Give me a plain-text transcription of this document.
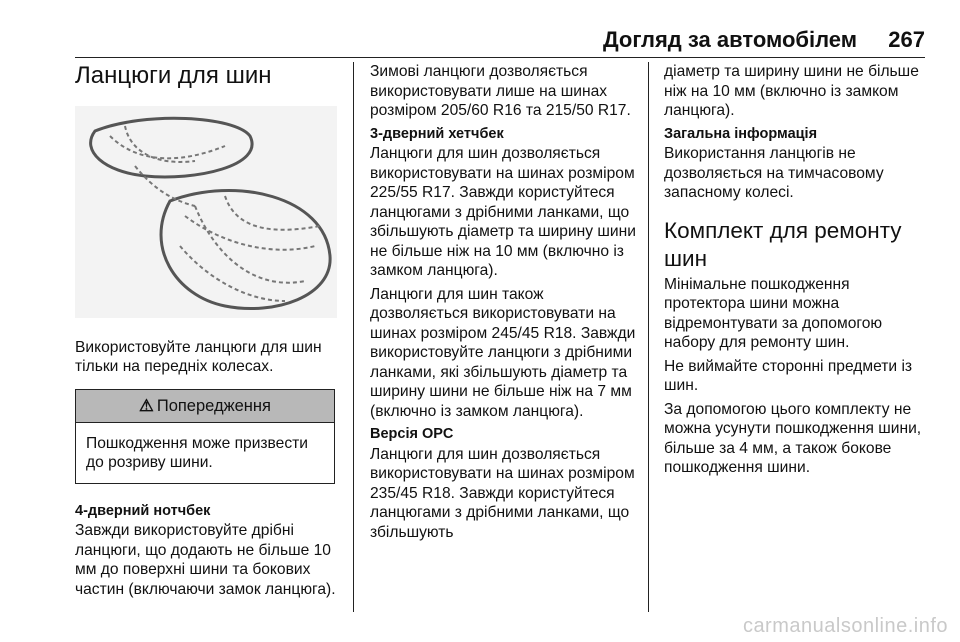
Догляд за автомобілем 267
Ланцюги для шин

Використовуйте ланцюги для шин тільки на передніх колесах.

⚠ Попередження
Пошкодження може призвести до розриву шини.

4-дверний нотчбек

Завжди використовуйте дрібні ланцюги, що додають не більше 10 мм до поверхні шини та бокових частин (включаючи замок ланцюга).

Зимові ланцюги дозволяється використовувати лише на шинах розміром 205/60 R16 та 215/50 R17.

3-дверний хетчбек

Ланцюги для шин дозволяється використовувати на шинах розміром 225/55 R17. Завжди користуйтеся ланцюгами з дрібними ланками, що збільшують діаметр та ширину шини не більше ніж на 10 мм (включно із замком ланцюга).

Ланцюги для шин також дозволяється використовувати на шинах розміром 245/45 R18. Завжди використовуйте ланцюги з дрібними ланками, які збільшують діаметр та ширину шини не більше ніж на 7 мм (включно із замком ланцюга).

Версія OPC

Ланцюги для шин дозволяється використовувати на шинах розміром 235/45 R18. Завжди користуйтеся ланцюгами з дрібними ланками, що збільшують

діаметр та ширину шини не більше ніж на 10 мм (включно із замком ланцюга).

Загальна інформація

Використання ланцюгів не дозволяється на тимчасовому запасному колесі.

Комплект для ремонту шин

Мінімальне пошкодження протектора шини можна відремонтувати за допомогою набору для ремонту шин.

Не виймайте сторонні предмети із шин.

За допомогою цього комплекту не можна усунути пошкодження шини, більше за 4 мм, а також бокове пошкодження шини.

carmanualsonline.info
